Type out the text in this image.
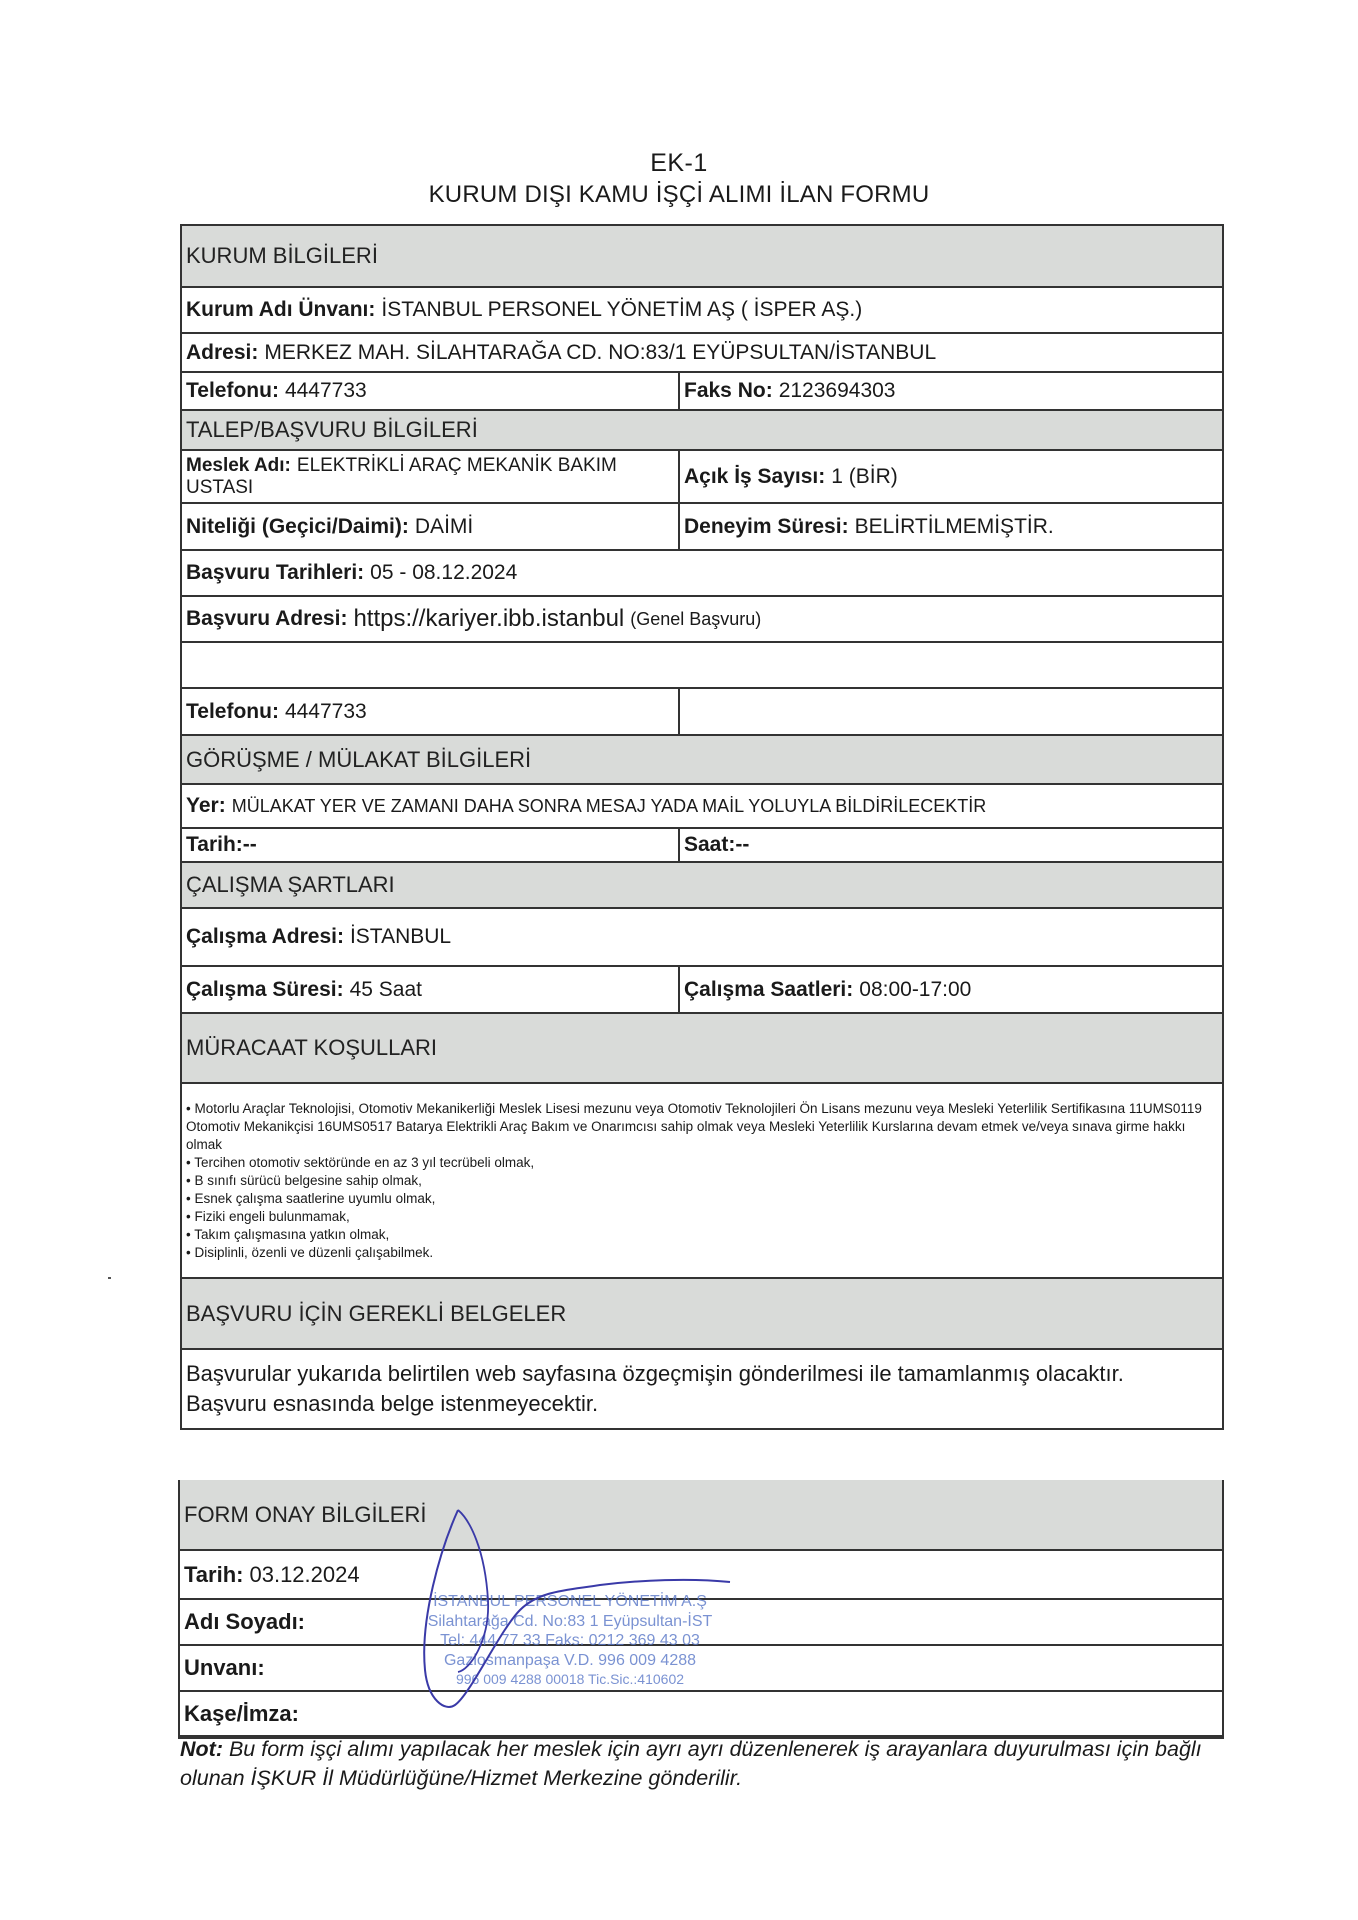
EK-1
KURUM DIŞI KAMU İŞÇİ ALIMI İLAN FORMU
KURUM BİLGİLERİ
Kurum Adı Ünvanı: İSTANBUL PERSONEL YÖNETİM AŞ ( İSPER AŞ.)
Adresi: MERKEZ MAH. SİLAHTARAĞA CD. NO:83/1 EYÜPSULTAN/İSTANBUL
Telefonu: 4447733	Faks No: 2123694303
TALEP/BAŞVURU BİLGİLERİ
Meslek Adı: ELEKTRİKLİ ARAÇ MEKANİK BAKIM USTASI	Açık İş Sayısı: 1 (BİR)
Niteliği (Geçici/Daimi): DAİMİ	Deneyim Süresi: BELİRTİLMEMİŞTİR.
Başvuru Tarihleri: 05 - 08.12.2024
Başvuru Adresi: https://kariyer.ibb.istanbul (Genel Başvuru)
Telefonu: 4447733
GÖRÜŞME / MÜLAKAT BİLGİLERİ
Yer: MÜLAKAT YER VE ZAMANI DAHA SONRA MESAJ YADA MAİL YOLUYLA BİLDİRİLECEKTİR
Tarih:--	Saat:--
ÇALIŞMA ŞARTLARI
Çalışma Adresi: İSTANBUL
Çalışma Süresi: 45 Saat	Çalışma Saatleri: 08:00-17:00
MÜRACAAT KOŞULLARI
• Motorlu Araçlar Teknolojisi, Otomotiv Mekanikerliği Meslek Lisesi mezunu veya Otomotiv Teknolojileri Ön Lisans mezunu veya Mesleki Yeterlilik Sertifikasına 11UMS0119 Otomotiv Mekanikçisi 16UMS0517 Batarya Elektrikli Araç Bakım ve Onarımcısı sahip olmak veya Mesleki Yeterlilik Kurslarına devam etmek ve/veya sınava girme hakkı olmak
• Tercihen otomotiv sektöründe en az 3 yıl tecrübeli olmak,
• B sınıfı sürücü belgesine sahip olmak,
• Esnek çalışma saatlerine uyumlu olmak,
• Fiziki engeli bulunmamak,
• Takım çalışmasına yatkın olmak,
• Disiplinli, özenli ve düzenli çalışabilmek.
BAŞVURU İÇİN GEREKLİ BELGELER
Başvurular yukarıda belirtilen web sayfasına özgeçmişin gönderilmesi ile tamamlanmış olacaktır.
Başvuru esnasında belge istenmeyecektir.
FORM ONAY BİLGİLERİ
Tarih: 03.12.2024
Adı Soyadı:
Unvanı:
Kaşe/İmza:
İSTANBUL PERSONEL YÖNETİM A.Ş
Silahtarağa Cd. No:83 1 Eyüpsultan-İST
Tel: 444 77 33 Faks: 0212 369 43 03
Gaziosmanpaşa V.D. 996 009 4288
996 009 4288 00018 Tic.Sic.:410602
Not: Bu form işçi alımı yapılacak her meslek için ayrı ayrı düzenlenerek iş arayanlara duyurulması için bağlı olunan İŞKUR İl Müdürlüğüne/Hizmet Merkezine gönderilir.
